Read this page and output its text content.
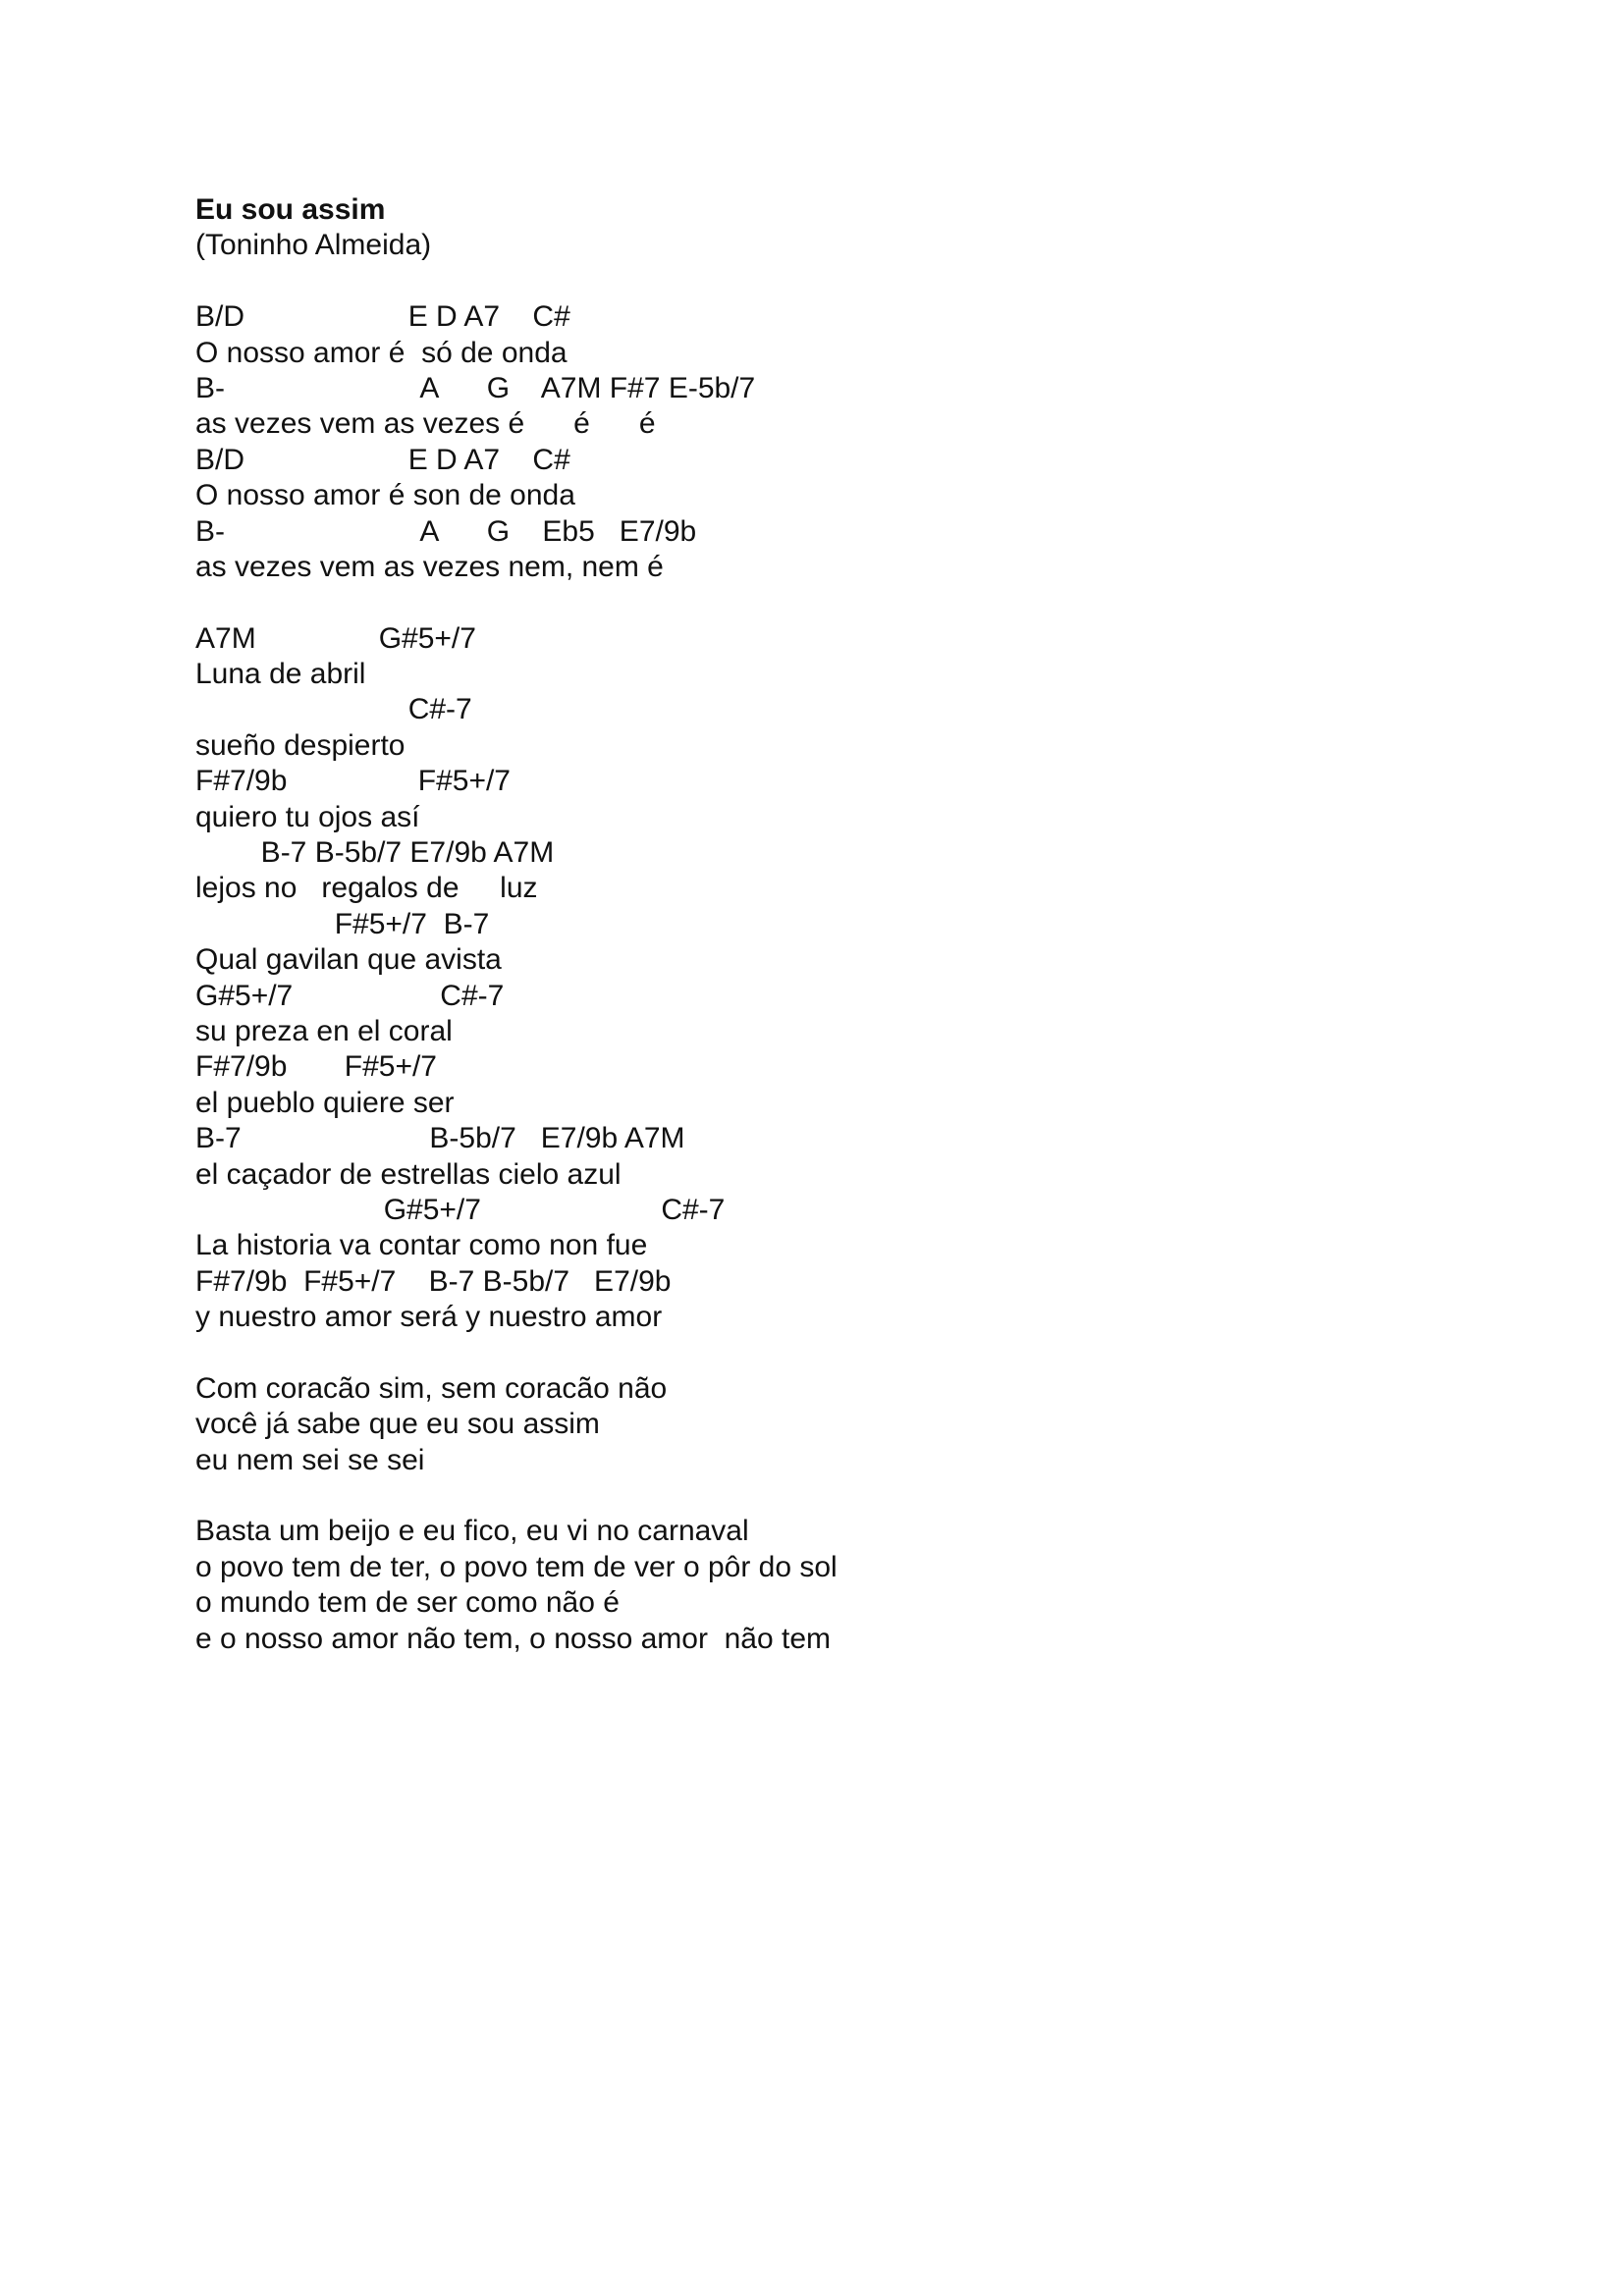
Eu sou assim
(Toninho Almeida)
B/D                    E D A7    C#
O nosso amor é  só de onda
B-                        A      G    A7M F#7 E-5b/7
as vezes vem as vezes é      é      é
B/D                    E D A7    C#
O nosso amor é son de onda
B-                        A      G    Eb5   E7/9b
as vezes vem as vezes nem, nem é
A7M               G#5+/7
Luna de abril
C#-7
sueño despierto
F#7/9b                F#5+/7
quiero tu ojos así
B-7 B-5b/7 E7/9b A7M
lejos no   regalos de     luz
F#5+/7  B-7
Qual gavilan que avista
G#5+/7                  C#-7
su preza en el coral
F#7/9b       F#5+/7
el pueblo quiere ser
B-7                       B-5b/7   E7/9b A7M
el caçador de estrellas cielo azul
G#5+/7                      C#-7
La historia va contar como non fue
F#7/9b  F#5+/7    B-7 B-5b/7   E7/9b
y nuestro amor será y nuestro amor
Com coracão sim, sem coracão não
você já sabe que eu sou assim
eu nem sei se sei
Basta um beijo e eu fico, eu vi no carnaval
o povo tem de ter, o povo tem de ver o pôr do sol
o mundo tem de ser como não é
e o nosso amor não tem, o nosso amor  não tem
